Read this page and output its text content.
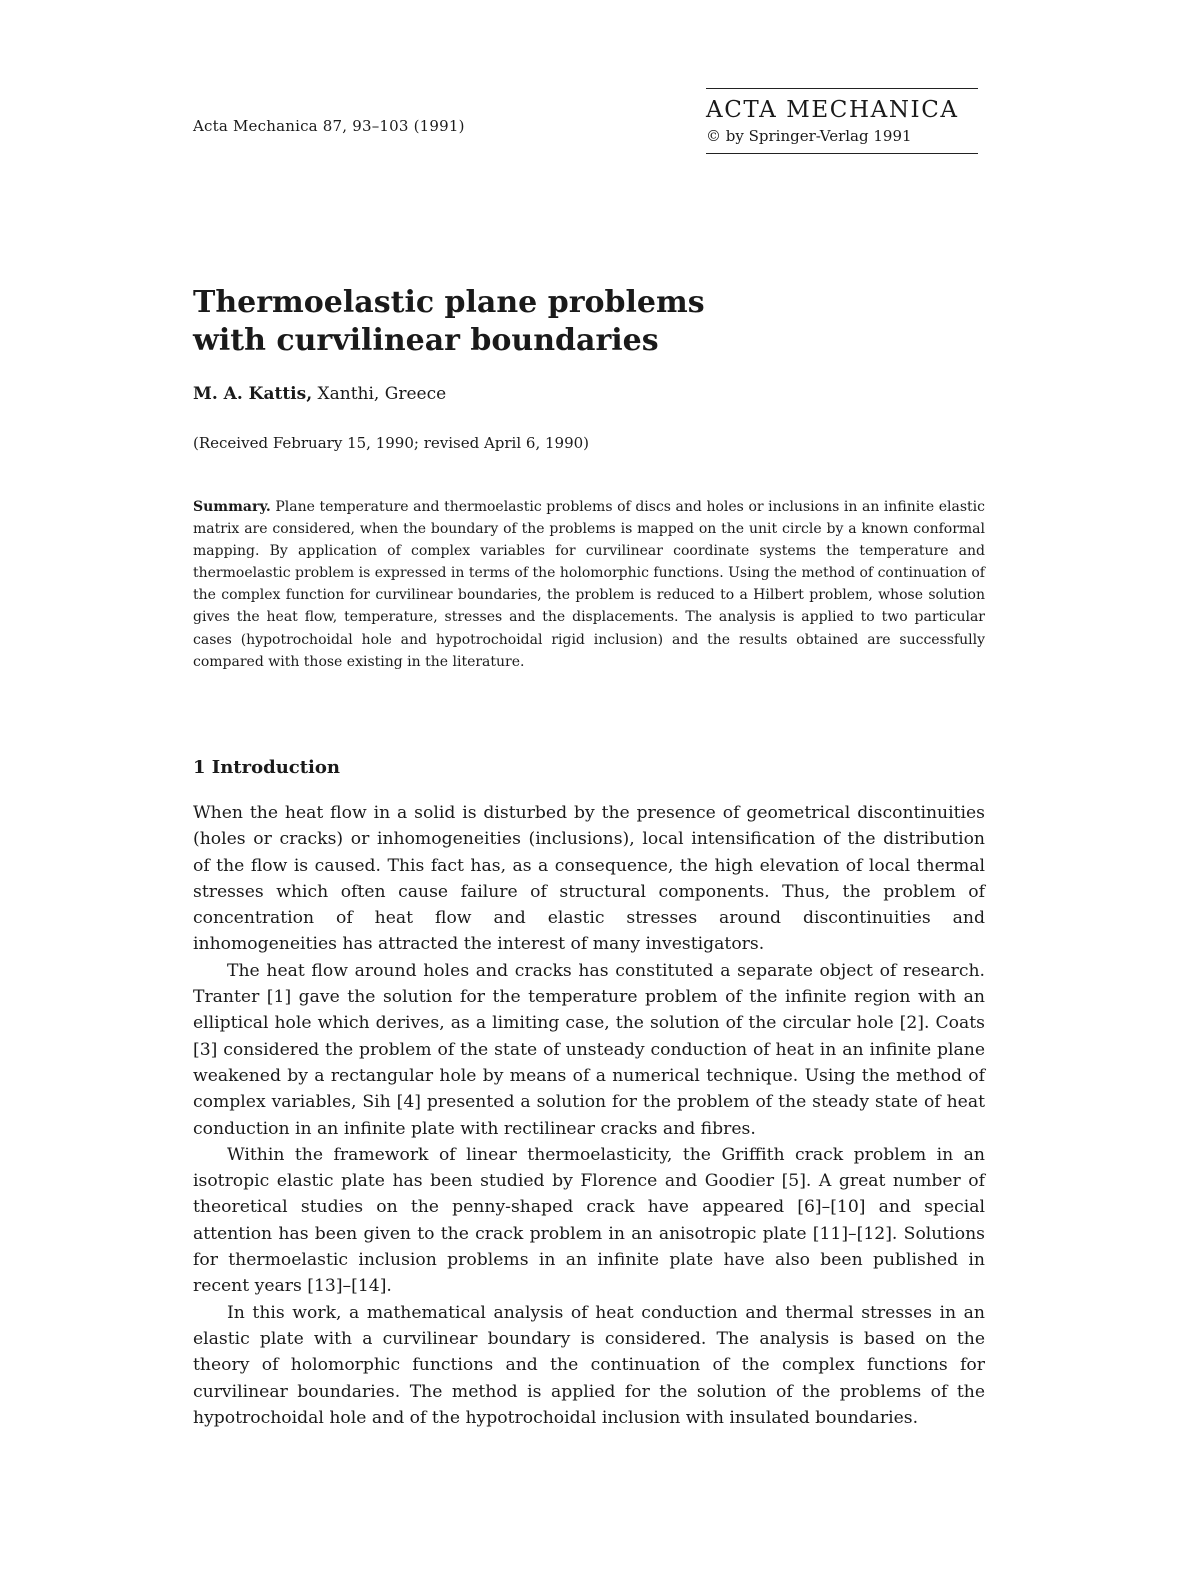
Acta Mechanica 87, 93–103 (1991)
ACTA MECHANICA
© by Springer-Verlag 1991
Thermoelastic plane problems
with curvilinear boundaries
M. A. Kattis, Xanthi, Greece
(Received February 15, 1990; revised April 6, 1990)

Summary. Plane temperature and thermoelastic problems of discs and holes or inclusions in an infinite elastic matrix are considered, when the boundary of the problems is mapped on the unit circle by a known conformal mapping. By application of complex variables for curvilinear coordinate systems the temperature and thermoelastic problem is expressed in terms of the holomorphic functions. Using the method of continuation of the complex function for curvilinear boundaries, the problem is reduced to a Hilbert problem, whose solution gives the heat flow, temperature, stresses and the displacements. The analysis is applied to two particular cases (hypotrochoidal hole and hypotrochoidal rigid inclusion) and the results obtained are successfully compared with those existing in the literature.

1 Introduction

When the heat flow in a solid is disturbed by the presence of geometrical discontinuities (holes or cracks) or inhomogeneities (inclusions), local intensification of the distribution of the flow is caused. This fact has, as a consequence, the high elevation of local thermal stresses which often cause failure of structural components. Thus, the problem of concentration of heat flow and elastic stresses around discontinuities and inhomogeneities has attracted the interest of many investigators.

The heat flow around holes and cracks has constituted a separate object of research. Tranter [1] gave the solution for the temperature problem of the infinite region with an elliptical hole which derives, as a limiting case, the solution of the circular hole [2]. Coats [3] considered the problem of the state of unsteady conduction of heat in an infinite plane weakened by a rectangular hole by means of a numerical technique. Using the method of complex variables, Sih [4] presented a solution for the problem of the steady state of heat conduction in an infinite plate with rectilinear cracks and fibres.

Within the framework of linear thermoelasticity, the Griffith crack problem in an isotropic elastic plate has been studied by Florence and Goodier [5]. A great number of theoretical studies on the penny-shaped crack have appeared [6]–[10] and special attention has been given to the crack problem in an anisotropic plate [11]–[12]. Solutions for thermoelastic inclusion problems in an infinite plate have also been published in recent years [13]–[14].

In this work, a mathematical analysis of heat conduction and thermal stresses in an elastic plate with a curvilinear boundary is considered. The analysis is based on the theory of holomorphic functions and the continuation of the complex functions for curvilinear boundaries. The method is applied for the solution of the problems of the hypotrochoidal hole and of the hypotrochoidal inclusion with insulated boundaries.
